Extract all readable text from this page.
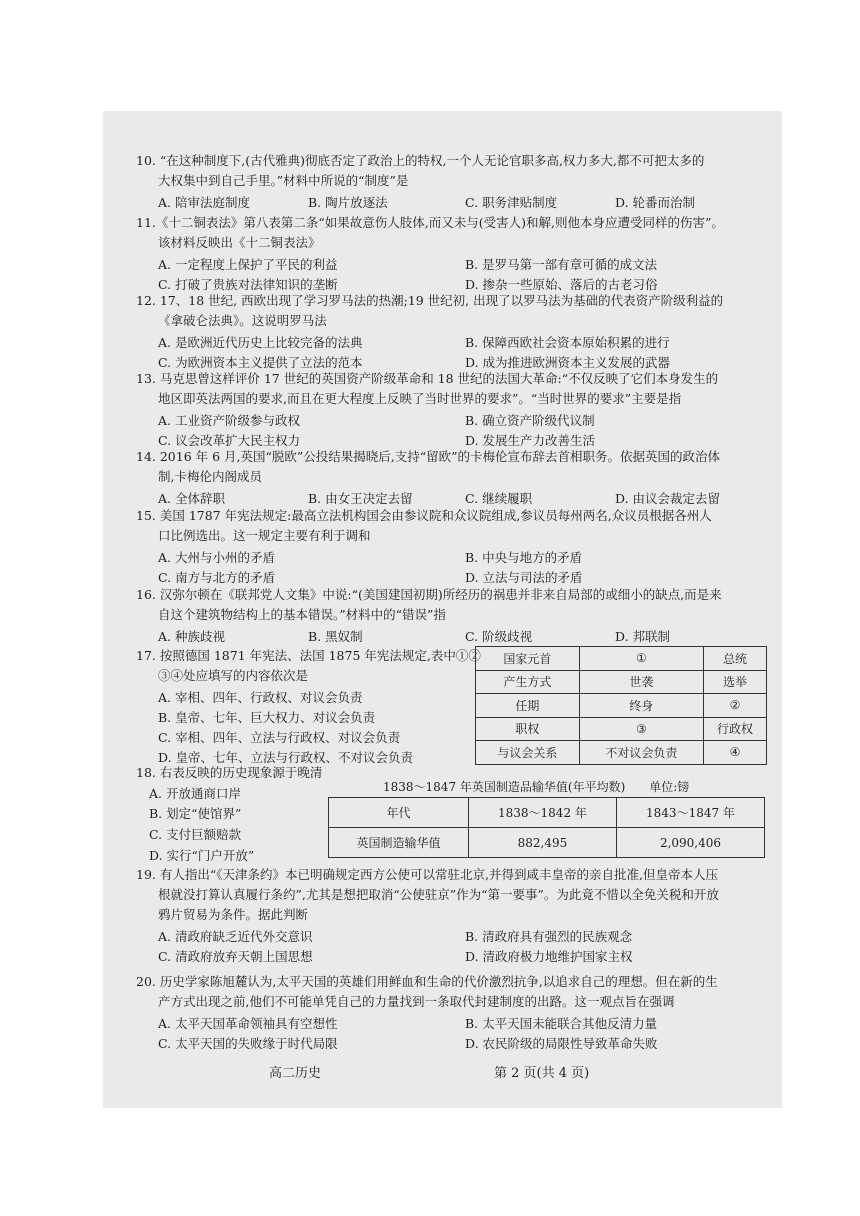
10. “在这种制度下,(古代雅典)彻底否定了政治上的特权,一个人无论官职多高,权力多大,都不可把太多的
大权集中到自己手里。”材料中所说的“制度”是
A. 陪审法庭制度	B. 陶片放逐法	C. 职务津贴制度	D. 轮番而治制
11.《十二铜表法》第八表第二条“如果故意伤人肢体,而又未与(受害人)和解,则他本身应遭受同样的伤害”。
该材料反映出《十二铜表法》
A. 一定程度上保护了平民的利益	B. 是罗马第一部有章可循的成文法
C. 打破了贵族对法律知识的垄断	D. 掺杂一些原始、落后的古老习俗
12. 17、18 世纪, 西欧出现了学习罗马法的热潮;19 世纪初, 出现了以罗马法为基础的代表资产阶级利益的
《拿破仑法典》。这说明罗马法
A. 是欧洲近代历史上比较完备的法典	B. 保障西欧社会资本原始积累的进行
C. 为欧洲资本主义提供了立法的范本	D. 成为推进欧洲资本主义发展的武器
13. 马克思曾这样评价 17 世纪的英国资产阶级革命和 18 世纪的法国大革命:“不仅反映了它们本身发生的
地区即英法两国的要求,而且在更大程度上反映了当时世界的要求”。“当时世界的要求”主要是指
A. 工业资产阶级参与政权	B. 确立资产阶级代议制
C. 议会改革扩大民主权力	D. 发展生产力改善生活
14. 2016 年 6 月,英国“脱欧”公投结果揭晓后,支持“留欧”的卡梅伦宣布辞去首相职务。依据英国的政治体
制,卡梅伦内阁成员
A. 全体辞职	B. 由女王决定去留	C. 继续履职	D. 由议会裁定去留
15. 美国 1787 年宪法规定:最高立法机构国会由参议院和众议院组成,参议员每州两名,众议员根据各州人
口比例选出。这一规定主要有利于调和
A. 大州与小州的矛盾	B. 中央与地方的矛盾
C. 南方与北方的矛盾	D. 立法与司法的矛盾
16. 汉弥尔顿在《联邦党人文集》中说:“(美国建国初期)所经历的祸患并非来自局部的或细小的缺点,而是来
自这个建筑物结构上的基本错误。”材料中的“错误”指
A. 种族歧视	B. 黑奴制	C. 阶级歧视	D. 邦联制
17. 按照德国 1871 年宪法、法国 1875 年宪法规定,表中①②
③④处应填写的内容依次是
A. 宰相、四年、行政权、对议会负责
B. 皇帝、七年、巨大权力、对议会负责
C. 宰相、四年、立法与行政权、对议会负责
D. 皇帝、七年、立法与行政权、不对议会负责
国家元首	①	总统
产生方式	世袭	选举
任期	终身	②
职权	③	行政权
与议会关系	不对议会负责	④
18. 右表反映的历史现象源于晚清
A. 开放通商口岸
B. 划定“使馆界”
C. 支付巨额赔款
D. 实行“门户开放”
1838～1847 年英国制造品输华值(年平均数)　　单位:镑
年代	1838～1842 年	1843～1847 年
英国制造输华值	882,495	2,090,406
19. 有人指出“《天津条约》本已明确规定西方公使可以常驻北京,并得到咸丰皇帝的亲自批准,但皇帝本人压
根就没打算认真履行条约”,尤其是想把取消“公使驻京”作为“第一要事”。为此竟不惜以全免关税和开放
鸦片贸易为条件。据此判断
A. 清政府缺乏近代外交意识	B. 清政府具有强烈的民族观念
C. 清政府放弃天朝上国思想	D. 清政府极力地维护国家主权
20. 历史学家陈旭麓认为,太平天国的英雄们用鲜血和生命的代价激烈抗争,以追求自己的理想。但在新的生
产方式出现之前,他们不可能单凭自己的力量找到一条取代封建制度的出路。这一观点旨在强调
A. 太平天国革命领袖具有空想性	B. 太平天国未能联合其他反清力量
C. 太平天国的失败缘于时代局限	D. 农民阶级的局限性导致革命失败
高二历史	第 2 页(共 4 页)
